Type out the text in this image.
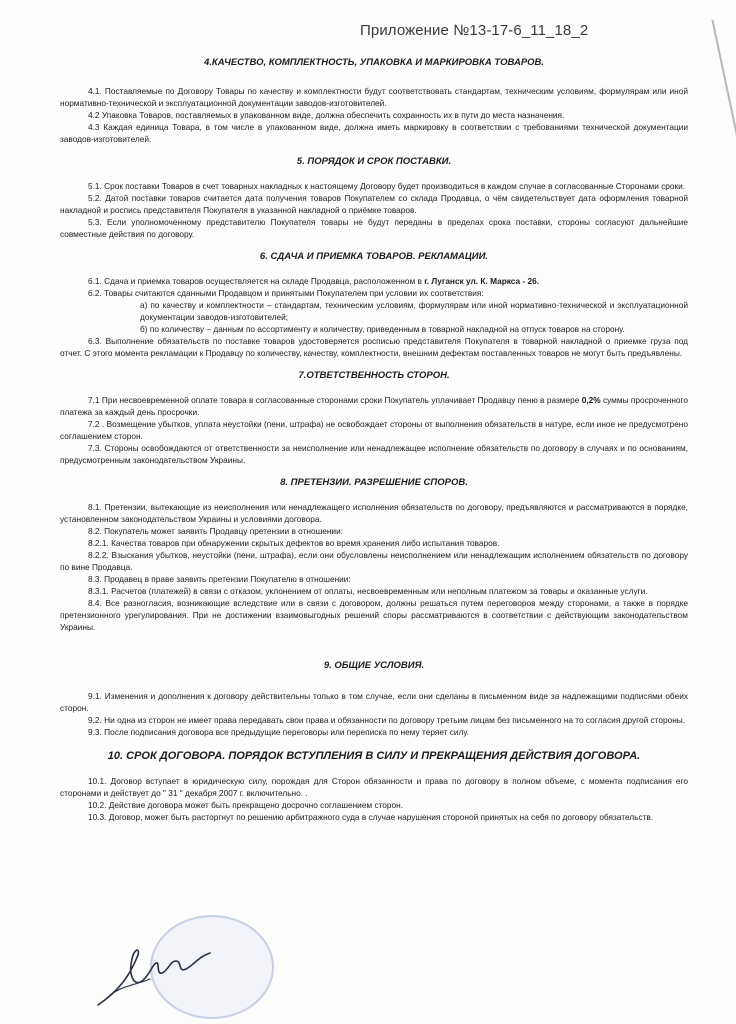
Приложение №13-17-6_11_18_2

4.КАЧЕСТВО, КОМПЛЕКТНОСТЬ, УПАКОВКА И МАРКИРОВКА ТОВАРОВ.

4.1. Поставляемые по Договору Товары по качеству и комплектности будут соответствовать стандартам, техническим условиям, формулярам или иной нормативно-технической и эксплуатационной документации заводов-изготовителей.

4.2 Упаковка Товаров, поставляемых в упакованном виде, должна обеспечить сохранность их в пути до места назначения.

4.3 Каждая единица Товара, в том числе в упакованном виде, должна иметь маркировку в соответствии с требованиями технической документации заводов-изготовителей.

5. ПОРЯДОК И СРОК ПОСТАВКИ.

5.1. Срок поставки Товаров в счет товарных накладных к настоящему Договору будет производиться в каждом случае в согласованные Сторонами сроки.

5.2. Датой поставки товаров считается дата получения товаров Покупателем со склада Продавца, о чём свидетельствует дата оформления товарной накладной и роспись представителя Покупателя в указанной накладной о приёмке товаров.

5.3. Если уполномоченному представителю Покупателя товары не будут переданы в пределах срока поставки, стороны согласуют дальнейшие совместные действия по договору.

6. СДАЧА И ПРИЕМКА ТОВАРОВ. РЕКЛАМАЦИИ.

6.1. Сдача и приемка товаров осуществляется на складе Продавца, расположенном в г. Луганск ул. К. Маркса - 26.

6.2. Товары считаются сданными Продавцом и принятыми Покупателем при условии их соответствия:

а) по качеству и комплектности – стандартам, техническим условиям, формулярам или иной нормативно-технической и эксплуатационной документации заводов-изготовителей;

б) по количеству – данным по ассортименту и количеству, приведенным в товарной накладной на отпуск товаров на сторону.

6.3. Выполнение обязательств по поставке товаров удостоверяется росписью представителя Покупателя в товарной накладной о приемке груза под отчет. С этого момента рекламации к Продавцу по количеству, качеству, комплектности, внешним дефектам поставленных товаров не могут быть предъявлены.

7.ОТВЕТСТВЕННОСТЬ СТОРОН.

7.1 При несвоевременной оплате товара в согласованные сторонами сроки Покупатель уплачивает Продавцу пеню в размере 0,2% суммы просроченного платежа за каждый день просрочки.

7.2 . Возмещение убытков, уплата неустойки (пени, штрафа) не освобождает стороны от выполнения обязательств в натуре, если иное не предусмотрено соглашением сторон.

7.3. Стороны освобождаются от ответственности за неисполнение или ненадлежащее исполнение обязательств по договору в случаях и по основаниям, предусмотренным законодательством Украины.

8. ПРЕТЕНЗИИ. РАЗРЕШЕНИЕ СПОРОВ.

8.1. Претензии, вытекающие из неисполнения или ненадлежащего исполнения обязательств по договору, предъявляются и рассматриваются в порядке, установленном законодательством Украины и условиями договора.

8.2. Покупатель может заявить Продавцу претензии в отношении:

8.2.1. Качества товаров при обнаружении скрытых дефектов во время хранения либо испытания товаров.

8.2.2. Взыскания убытков, неустойки (пени, штрафа), если они обусловлены неисполнением или ненадлежащим исполнением обязательств по договору по вине Продавца.

8.3. Продавец в праве заявить претензии Покупателю в отношении:

8.3.1. Расчетов (платежей) в связи с отказом, уклонением от оплаты, несвоевременным или неполным платежом за товары и оказанные услуги.

8.4. Все разногласия, возникающие вследствие или в связи с договором, должны решаться путем переговоров между сторонами, а также в порядке претензионного урегулирования. При не достижении взаимовыгодных решений споры рассматриваются в соответствии с действующим законодательством Украины.

9. ОБЩИЕ УСЛОВИЯ.

9.1. Изменения и дополнения к договору действительны только в том случае, если они сделаны в письменном виде за надлежащими подписями обеих сторон.

9.2. Ни одна из сторон не имеет права передавать свои права и обязанности по договору третьим лицам без письменного на то согласия другой стороны.

9.3. После подписания договора все предыдущие переговоры или переписка по нему теряет силу.

10. СРОК ДОГОВОРА. ПОРЯДОК ВСТУПЛЕНИЯ В СИЛУ И ПРЕКРАЩЕНИЯ ДЕЙСТВИЯ ДОГОВОРА.

10.1. Договор вступает в юридическую силу, порождая для Сторон обязанности и права по договору в полном объеме, с момента подписания его сторонами и действует до " 31 " декабря 2007 г. включительно. .

10.2. Действие договора может быть прекращено досрочно соглашением сторон.

10.3. Договор, может быть расторгнут по решению арбитражного суда в случае нарушения стороной принятых на себя по договору обязательств.
